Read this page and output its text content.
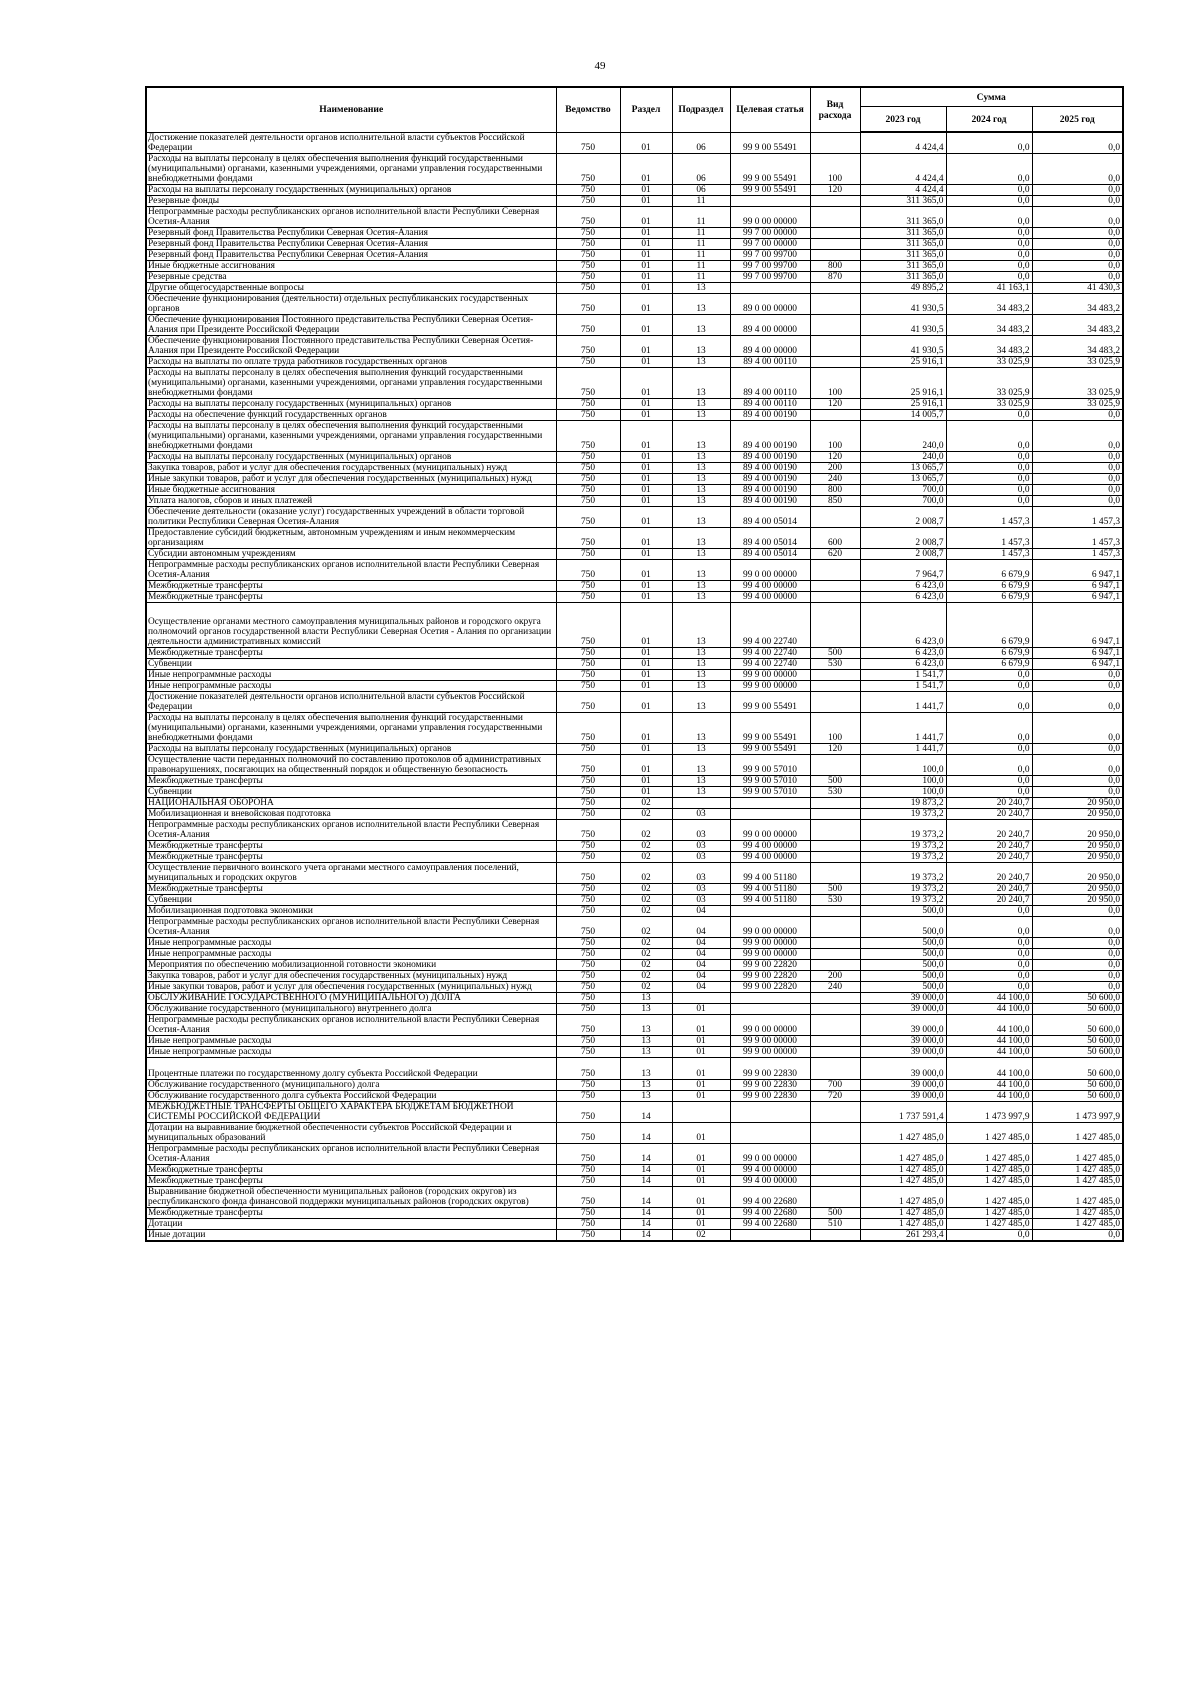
49
Наименование	Ведомство	Раздел	Подраздел	Целевая статья	Вид расхода	Сумма		
						2023 год	2024 год	2025 год
Достижение показателей деятельности органов исполнительной власти субъектов Российской Федерации	750	01	06	99 9 00 55491		4 424,4	0,0	0,0
Расходы на выплаты персоналу в целях обеспечения выполнения функций государственными (муниципальными) органами, казенными учреждениями, органами управления государственными внебюджетными фондами	750	01	06	99 9 00 55491	100	4 424,4	0,0	0,0
Расходы на выплаты персоналу государственных (муниципальных) органов	750	01	06	99 9 00 55491	120	4 424,4	0,0	0,0
Резервные фонды	750	01	11			311 365,0	0,0	0,0
Непрограммные расходы республиканских органов исполнительной власти Республики Северная Осетия-Алания	750	01	11	99 0 00 00000		311 365,0	0,0	0,0
Резервный фонд Правительства Республики Северная Осетия-Алания	750	01	11	99 7 00 00000		311 365,0	0,0	0,0
Резервный фонд Правительства Республики Северная Осетия-Алания	750	01	11	99 7 00 00000		311 365,0	0,0	0,0
Резервный фонд Правительства Республики Северная Осетия-Алания	750	01	11	99 7 00 99700		311 365,0	0,0	0,0
Иные бюджетные ассигнования	750	01	11	99 7 00 99700	800	311 365,0	0,0	0,0
Резервные средства	750	01	11	99 7 00 99700	870	311 365,0	0,0	0,0
Другие общегосударственные вопросы	750	01	13			49 895,2	41 163,1	41 430,3
Обеспечение функционирования (деятельности) отдельных республиканских государственных органов	750	01	13	89 0 00 00000		41 930,5	34 483,2	34 483,2
Обеспечение функционирования Постоянного представительства Республики Северная Осетия-Алания при Президенте Российской Федерации	750	01	13	89 4 00 00000		41 930,5	34 483,2	34 483,2
Обеспечение функционирования Постоянного представительства Республики Северная Осетия-Алания при Президенте Российской Федерации	750	01	13	89 4 00 00000		41 930,5	34 483,2	34 483,2
Расходы на выплаты по оплате труда работников государственных органов	750	01	13	89 4 00 00110		25 916,1	33 025,9	33 025,9
Расходы на выплаты персоналу в целях обеспечения выполнения функций государственными (муниципальными) органами, казенными учреждениями, органами управления государственными внебюджетными фондами	750	01	13	89 4 00 00110	100	25 916,1	33 025,9	33 025,9
Расходы на выплаты персоналу государственных (муниципальных) органов	750	01	13	89 4 00 00110	120	25 916,1	33 025,9	33 025,9
Расходы на обеспечение функций государственных органов	750	01	13	89 4 00 00190		14 005,7	0,0	0,0
Расходы на выплаты персоналу в целях обеспечения выполнения функций государственными (муниципальными) органами, казенными учреждениями, органами управления государственными внебюджетными фондами	750	01	13	89 4 00 00190	100	240,0	0,0	0,0
Расходы на выплаты персоналу государственных (муниципальных) органов	750	01	13	89 4 00 00190	120	240,0	0,0	0,0
Закупка товаров, работ и услуг для обеспечения государственных (муниципальных) нужд	750	01	13	89 4 00 00190	200	13 065,7	0,0	0,0
Иные закупки товаров, работ и услуг для обеспечения государственных (муниципальных) нужд	750	01	13	89 4 00 00190	240	13 065,7	0,0	0,0
Иные бюджетные ассигнования	750	01	13	89 4 00 00190	800	700,0	0,0	0,0
Уплата налогов, сборов и иных платежей	750	01	13	89 4 00 00190	850	700,0	0,0	0,0
Обеспечение деятельности (оказание услуг) государственных учреждений в области торговой политики Республики Северная Осетия-Алания	750	01	13	89 4 00 05014		2 008,7	1 457,3	1 457,3
Предоставление субсидий бюджетным, автономным учреждениям и иным некоммерческим организациям	750	01	13	89 4 00 05014	600	2 008,7	1 457,3	1 457,3
Субсидии автономным учреждениям	750	01	13	89 4 00 05014	620	2 008,7	1 457,3	1 457,3
Непрограммные расходы республиканских органов исполнительной власти Республики Северная Осетия-Алания	750	01	13	99 0 00 00000		7 964,7	6 679,9	6 947,1
Межбюджетные трансферты	750	01	13	99 4 00 00000		6 423,0	6 679,9	6 947,1
Межбюджетные трансферты	750	01	13	99 4 00 00000		6 423,0	6 679,9	6 947,1
Осуществление органами местного самоуправления муниципальных районов и городского округа полномочий органов государственной власти Республики Северная Осетия - Алания по организации деятельности административных комиссий	750	01	13	99 4 00 22740		6 423,0	6 679,9	6 947,1
Межбюджетные трансферты	750	01	13	99 4 00 22740	500	6 423,0	6 679,9	6 947,1
Субвенции	750	01	13	99 4 00 22740	530	6 423,0	6 679,9	6 947,1
Иные непрограммные расходы	750	01	13	99 9 00 00000		1 541,7	0,0	0,0
Иные непрограммные расходы	750	01	13	99 9 00 00000		1 541,7	0,0	0,0
Достижение показателей деятельности органов исполнительной власти субъектов Российской Федерации	750	01	13	99 9 00 55491		1 441,7	0,0	0,0
Расходы на выплаты персоналу в целях обеспечения выполнения функций государственными (муниципальными) органами, казенными учреждениями, органами управления государственными внебюджетными фондами	750	01	13	99 9 00 55491	100	1 441,7	0,0	0,0
Расходы на выплаты персоналу государственных (муниципальных) органов	750	01	13	99 9 00 55491	120	1 441,7	0,0	0,0
Осуществление части переданных полномочий по составлению протоколов об административных правонарушениях, посягающих на общественный порядок и общественную безопасность	750	01	13	99 9 00 57010		100,0	0,0	0,0
Межбюджетные трансферты	750	01	13	99 9 00 57010	500	100,0	0,0	0,0
Субвенции	750	01	13	99 9 00 57010	530	100,0	0,0	0,0
НАЦИОНАЛЬНАЯ ОБОРОНА	750	02				19 873,2	20 240,7	20 950,0
Мобилизационная и вневойсковая подготовка	750	02	03			19 373,2	20 240,7	20 950,0
Непрограммные расходы республиканских органов исполнительной власти Республики Северная Осетия-Алания	750	02	03	99 0 00 00000		19 373,2	20 240,7	20 950,0
Межбюджетные трансферты	750	02	03	99 4 00 00000		19 373,2	20 240,7	20 950,0
Межбюджетные трансферты	750	02	03	99 4 00 00000		19 373,2	20 240,7	20 950,0
Осуществление первичного воинского учета органами местного самоуправления поселений, муниципальных и городских округов	750	02	03	99 4 00 51180		19 373,2	20 240,7	20 950,0
Межбюджетные трансферты	750	02	03	99 4 00 51180	500	19 373,2	20 240,7	20 950,0
Субвенции	750	02	03	99 4 00 51180	530	19 373,2	20 240,7	20 950,0
Мобилизационная подготовка экономики	750	02	04			500,0	0,0	0,0
Непрограммные расходы республиканских органов исполнительной власти Республики Северная Осетия-Алания	750	02	04	99 0 00 00000		500,0	0,0	0,0
Иные непрограммные расходы	750	02	04	99 9 00 00000		500,0	0,0	0,0
Иные непрограммные расходы	750	02	04	99 9 00 00000		500,0	0,0	0,0
Мероприятия по обеспечению мобилизационной готовности экономики	750	02	04	99 9 00 22820		500,0	0,0	0,0
Закупка товаров, работ и услуг для обеспечения государственных (муниципальных) нужд	750	02	04	99 9 00 22820	200	500,0	0,0	0,0
Иные закупки товаров, работ и услуг для обеспечения государственных (муниципальных) нужд	750	02	04	99 9 00 22820	240	500,0	0,0	0,0
ОБСЛУЖИВАНИЕ ГОСУДАРСТВЕННОГО (МУНИЦИПАЛЬНОГО) ДОЛГА	750	13				39 000,0	44 100,0	50 600,0
Обслуживание государственного (муниципального) внутреннего долга	750	13	01			39 000,0	44 100,0	50 600,0
Непрограммные расходы республиканских органов исполнительной власти Республики Северная Осетия-Алания	750	13	01	99 0 00 00000		39 000,0	44 100,0	50 600,0
Иные непрограммные расходы	750	13	01	99 9 00 00000		39 000,0	44 100,0	50 600,0
Иные непрограммные расходы	750	13	01	99 9 00 00000		39 000,0	44 100,0	50 600,0
Процентные платежи по государственному долгу субъекта Российской Федерации	750	13	01	99 9 00 22830		39 000,0	44 100,0	50 600,0
Обслуживание государственного (муниципального) долга	750	13	01	99 9 00 22830	700	39 000,0	44 100,0	50 600,0
Обслуживание государственного долга субъекта Российской Федерации	750	13	01	99 9 00 22830	720	39 000,0	44 100,0	50 600,0
МЕЖБЮДЖЕТНЫЕ ТРАНСФЕРТЫ ОБЩЕГО ХАРАКТЕРА БЮДЖЕТАМ БЮДЖЕТНОЙ СИСТЕМЫ РОССИЙСКОЙ ФЕДЕРАЦИИ	750	14				1 737 591,4	1 473 997,9	1 473 997,9
Дотации на выравнивание бюджетной обеспеченности субъектов Российской Федерации и муниципальных образований	750	14	01			1 427 485,0	1 427 485,0	1 427 485,0
Непрограммные расходы республиканских органов исполнительной власти Республики Северная Осетия-Алания	750	14	01	99 0 00 00000		1 427 485,0	1 427 485,0	1 427 485,0
Межбюджетные трансферты	750	14	01	99 4 00 00000		1 427 485,0	1 427 485,0	1 427 485,0
Межбюджетные трансферты	750	14	01	99 4 00 00000		1 427 485,0	1 427 485,0	1 427 485,0
Выравнивание бюджетной обеспеченности муниципальных районов (городских округов) из республиканского фонда финансовой поддержки муниципальных районов (городских округов)	750	14	01	99 4 00 22680		1 427 485,0	1 427 485,0	1 427 485,0
Межбюджетные трансферты	750	14	01	99 4 00 22680	500	1 427 485,0	1 427 485,0	1 427 485,0
Дотации	750	14	01	99 4 00 22680	510	1 427 485,0	1 427 485,0	1 427 485,0
Иные дотации	750	14	02			261 293,4	0,0	0,0
